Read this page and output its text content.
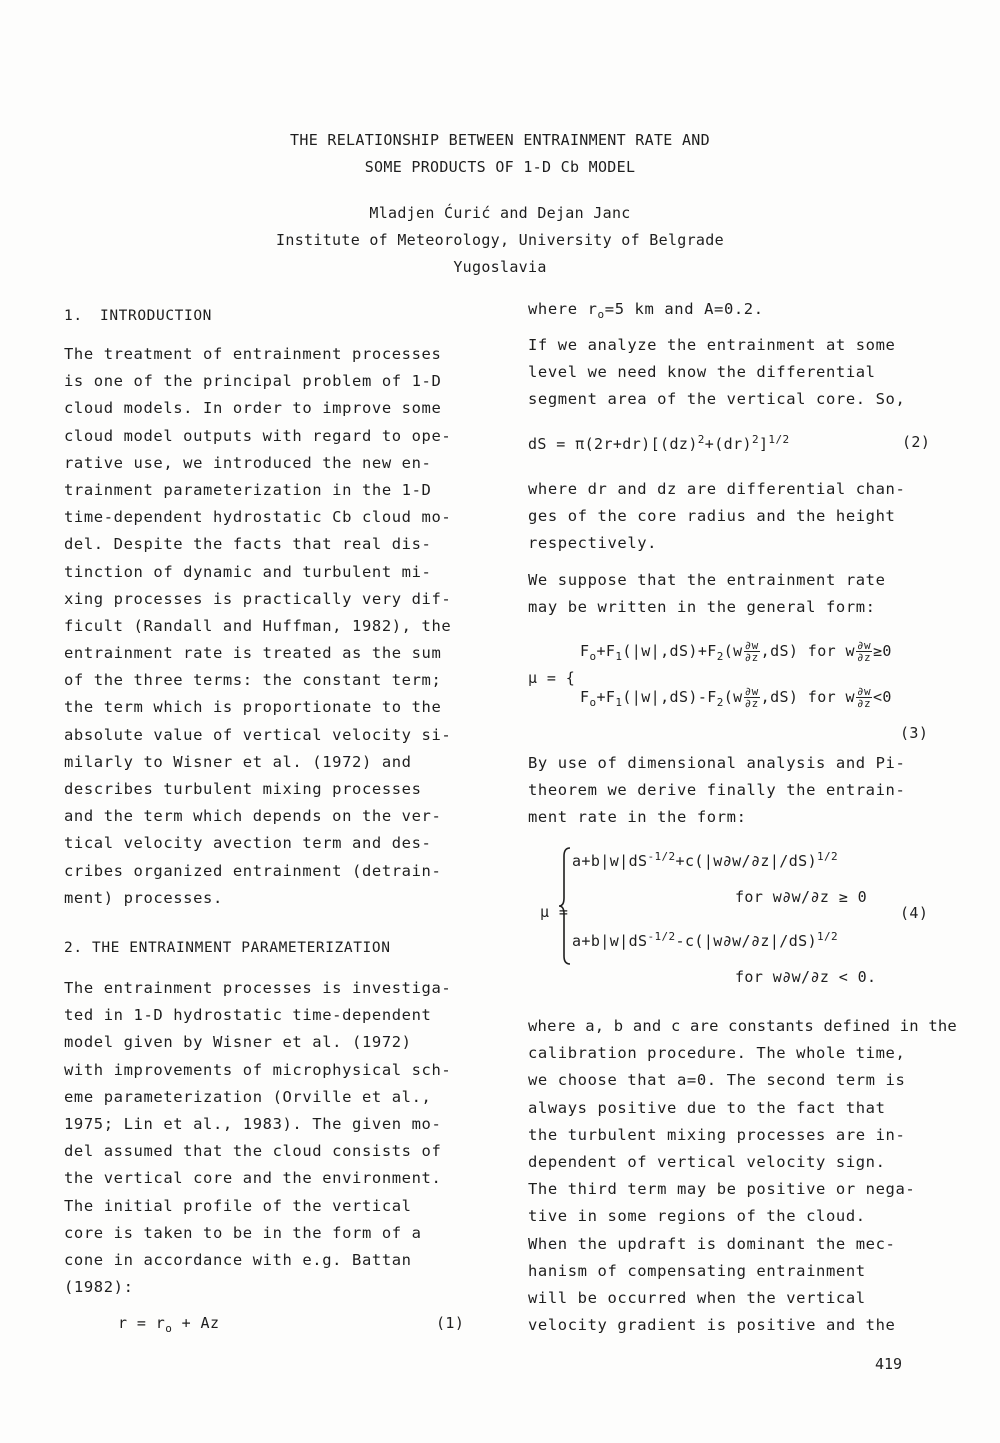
THE RELATIONSHIP BETWEEN ENTRAINMENT RATE AND
SOME PRODUCTS OF 1-D Cb MODEL
Mladjen Ćurić and Dejan Janc
Institute of Meteorology, University of Belgrade
Yugoslavia
1. INTRODUCTION
The treatment of entrainment processes
is one of the principal problem of 1-D
cloud models. In order to improve some
cloud model outputs with regard to ope-
rative use, we introduced the new en-
trainment parameterization in the 1-D
time-dependent hydrostatic Cb cloud mo-
del. Despite the facts that real dis-
tinction of dynamic and turbulent mi-
xing processes is practically very dif-
ficult (Randall and Huffman, 1982), the
entrainment rate is treated as the sum
of the three terms: the constant term;
the term which is proportionate to the
absolute value of vertical velocity si-
milarly to Wisner et al. (1972) and
describes turbulent mixing processes
and the term which depends on the ver-
tical velocity avection term and des-
cribes organized entrainment (detrain-
ment) processes.
2. THE ENTRAINMENT PARAMETERIZATION
The entrainment processes is investiga-
ted in 1-D hydrostatic time-dependent
model given by Wisner et al. (1972)
with improvements of microphysical sch-
eme parameterization (Orville et al.,
1975; Lin et al., 1983). The given mo-
del assumed that the cloud consists of
the vertical core and the environment.
The initial profile of the vertical
core is taken to be in the form of a
cone in accordance with e.g. Battan
(1982):
$r = r_o + Az$	(1)
where $r_o=5$ km and A=0.2.
If we analyze the entrainment at some
level we need know the differential
segment area of the vertical core. So,
dS = $\pi(2r+dr)[(dz)^2+(dr)^2]^{1/2}$	(2)
where dr and dz are differential chan-
ges of the core radius and the height
respectively.
We suppose that the entrainment rate
may be written in the general form:
μ = {
$F_o+F_1(|w|,dS)+F_2(w \frac{\partial w}{\partial z} ,dS)$ for w $\frac{\partial w}{\partial z} \ge 0$
$F_o+F_1(|w|,dS)-F_2(w \frac{\partial w}{\partial z} ,dS)$ for w $\frac{\partial w}{\partial z} <0$
(3)
By use of dimensional analysis and Pi-
theorem we derive finally the entrain-
ment rate in the form:
μ =
$a+b|w|dS^{-1/2}+c(|w\partial w/\partial z|/dS)^{1/2}$
for w∂w/∂z ≥ 0
(4)
$a+b|w|dS^{-1/2}-c(|w\partial w/\partial z|/dS)^{1/2}$
for w∂w/∂z < 0.
where a, b and c are constants defined in the
calibration procedure. The whole time,
we choose that a=0. The second term is
always positive due to the fact that
the turbulent mixing processes are in-
dependent of vertical velocity sign.
The third term may be positive or nega-
tive in some regions of the cloud.
When the updraft is dominant the mec-
hanism of compensating entrainment
will be occurred when the vertical
velocity gradient is positive and the
419
